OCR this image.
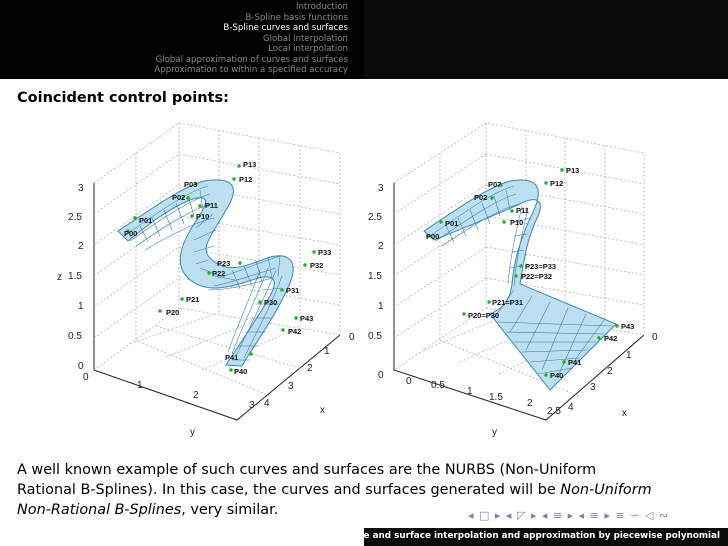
Introduction
B-Spline basis functions
B-Spline curves and surfaces
Global interpolation
Local interpolation
Global approximation of curves and surfaces
Approximation to within a specified accuracy
Coincident control points:
P13
P12
P03
P02
P11
P10
P01
P00
P33
P32
P23
P22
P31
P30
P21
P20
P43
P42
P41
P40
3
2.5
2
1.5
1
0.5
0
z
0
1
2
3
y
0
1
2
3
4
x
P13
P12
P07
P02
P11
P10
P01
P00
P23=P33
P22=P32
P21=P31
P20=P30
P43
P42
P41
P40
3
2.5
2
1.5
1
0.5
0
0 0.5
1
1.5
2
2.5
y
0
1
2
3
4
x
A well known example of such curves and surfaces are the NURBS (Non-Uniform
Rational B-Splines). In this case, the curves and surfaces generated will be Non-Uniform
Non-Rational B-Splines, very similar.	◂ □ ▸ ◂ ◸ ▸ ◂ ≡ ▸ ◂ ≡ ▸ ≡ ∽ ◁ ∾
Curve and surface interpolation and approximation by piecewise polynomial
